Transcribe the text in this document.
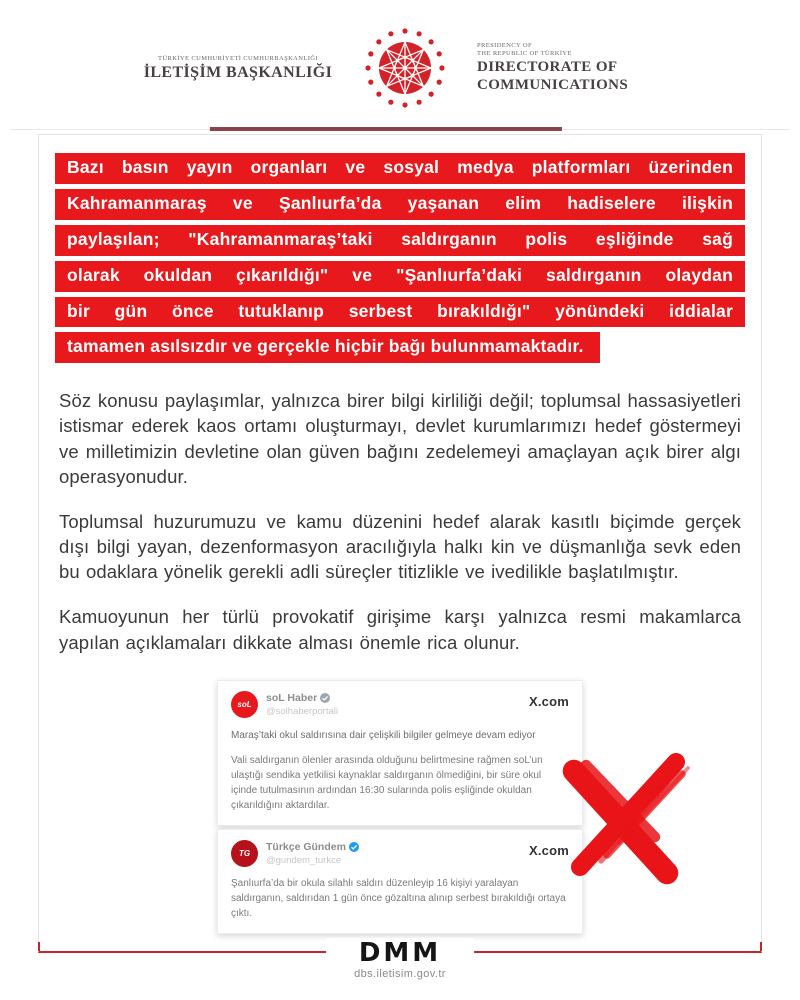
TÜRKİYE CUMHURİYETİ CUMHURBAŞKANLIĞI
İLETİŞİM BAŞKANLIĞI
PRESIDENCY OF
THE REPUBLIC OF TÜRKİYE
DIRECTORATE OF
COMMUNICATIONS
Bazı basın yayın organları ve sosyal medya platformları üzerinden
Kahramanmaraş ve Şanlıurfa’da yaşanan elim hadiselere ilişkin
paylaşılan; "Kahramanmaraş’taki saldırganın polis eşliğinde sağ
olarak okuldan çıkarıldığı" ve "Şanlıurfa’daki saldırganın olaydan
bir gün önce tutuklanıp serbest bırakıldığı" yönündeki iddialar
tamamen asılsızdır ve gerçekle hiçbir bağı bulunmamaktadır.

Söz konusu paylaşımlar, yalnızca birer bilgi kirliliği değil; toplumsal hassasiyetleri istismar ederek kaos ortamı oluşturmayı, devlet kurumlarımızı hedef göstermeyi ve milletimizin devletine olan güven bağını zedelemeyi amaçlayan açık birer algı operasyonudur.

Toplumsal huzurumuzu ve kamu düzenini hedef alarak kasıtlı biçimde gerçek dışı bilgi yayan, dezenformasyon aracılığıyla halkı kin ve düşmanlığa sevk eden bu odaklara yönelik gerekli adli süreçler titizlikle ve ivedilikle başlatılmıştır.

Kamuoyunun her türlü provokatif girişime karşı yalnızca resmi makamlarca yapılan açıklamaları dikkate alması önemle rica olunur.

soL
soL Haber
@solhaberportali
X.com
Maraş’taki okul saldırısına dair çelişkili bilgiler gelmeye devam ediyor
Vali saldırganın ölenler arasında olduğunu belirtmesine rağmen soL’un ulaştığı sendika yetkilisi kaynaklar saldırganın ölmediğini, bir süre okul içinde tutulmasının ardından 16:30 sularında polis eşliğinde okuldan çıkarıldığını aktardılar.
TG
Türkçe Gündem
@gundem_turkce
X.com
Şanlıurfa’da bir okula silahlı saldırı düzenleyip 16 kişiyi yaralayan saldırganın, saldırıdan 1 gün önce gözaltına alınıp serbest bırakıldığı ortaya çıktı.
DMM
dbs.iletisim.gov.tr
